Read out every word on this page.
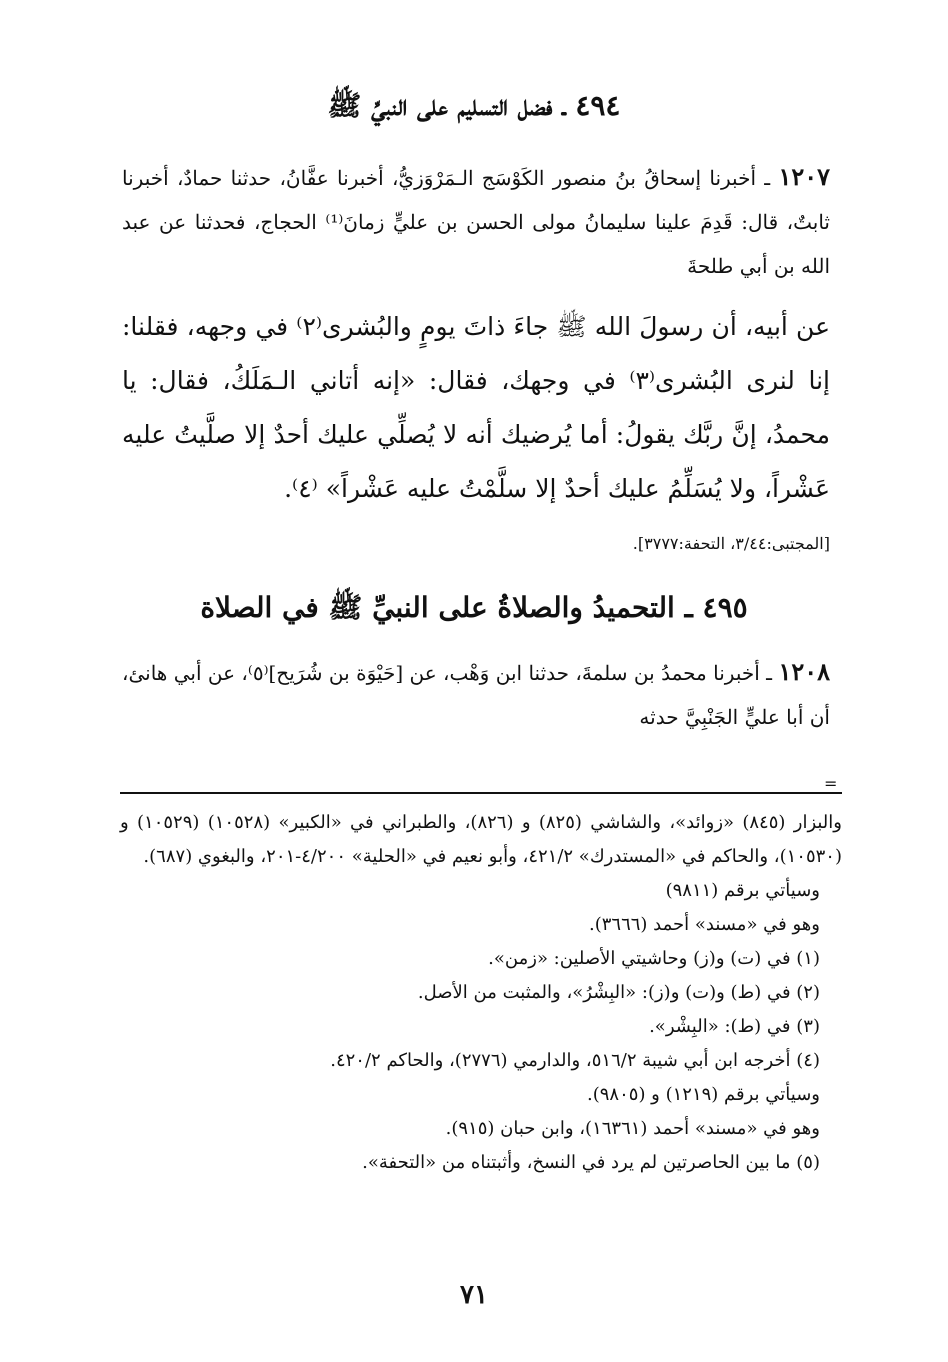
٤٩٤ ـ فضل التسليم على النبيِّ ﷺ
١٢٠٧ ـ أخبرنا إسحاقُ بنُ منصور الكَوْسَج الـمَرْوَزيُّ، أخبرنا عفَّانُ، حدثنا حمادٌ، أخبرنا ثابتٌ، قال: قَدِمَ علينا سليمانُ مولى الحسن بن عليٍّ زمانَ⁽¹⁾ الحجاج، فحدثنا عن عبد الله بن أبي طلحةَ
عن أبيه، أن رسولَ الله ﷺ جاءَ ذاتَ يومٍ والبُشرى⁽٢⁾ في وجهه، فقلنا: إنا لنرى البُشرى⁽٣⁾ في وجهك، فقال: «إنه أتاني الـمَلَكُ، فقال: يا محمدُ، إنَّ ربَّك يقولُ: أما يُرضيك أنه لا يُصلِّي عليك أحدٌ إلا صلَّيتُ عليه عَشْراً، ولا يُسَلِّمُ عليك أحدٌ إلا سلَّمْتُ عليه عَشْراً» ⁽٤⁾.
[المجتبى:٣/٤٤، التحفة:٣٧٧٧].
٤٩٥ ـ التحميدُ والصلاةُ على النبيِّ ﷺ في الصلاة
١٢٠٨ ـ أخبرنا محمدُ بن سلمةَ، حدثنا ابن وَهْب، عن [حَيْوَة بن شُرَيح]⁽٥⁾، عن أبي هانئ، أن أبا عليٍّ الجَنْبِيَّ حدثه
=
والبزار (٨٤٥) «زوائد»، والشاشي (٨٢٥) و (٨٢٦)، والطبراني في «الكبير» (١٠٥٢٨) (١٠٥٢٩) و (١٠٥٣٠)، والحاكم في «المستدرك» ٤٢١/٢، وأبو نعيم في «الحلية» ٤/٢٠٠-٢٠١، والبغوي (٦٨٧).
وسيأتي برقم (٩٨١١)
وهو في «مسند» أحمد (٣٦٦٦).
(١) في (ت) و(ز) وحاشيتي الأصلين: «زمن».
(٢) في (ط) و(ت) و(ز): «البِشْرُ»، والمثبت من الأصل.
(٣) في (ط): «البِشْر».
(٤) أخرجه ابن أبي شيبة ٥١٦/٢، والدارمي (٢٧٧٦)، والحاكم ٤٢٠/٢.
وسيأتي برقم (١٢١٩) و (٩٨٠٥).
وهو في «مسند» أحمد (١٦٣٦١)، وابن حبان (٩١٥).
(٥) ما بين الحاصرتين لم يرد في النسخ، وأثبتناه من «التحفة».
٧١
